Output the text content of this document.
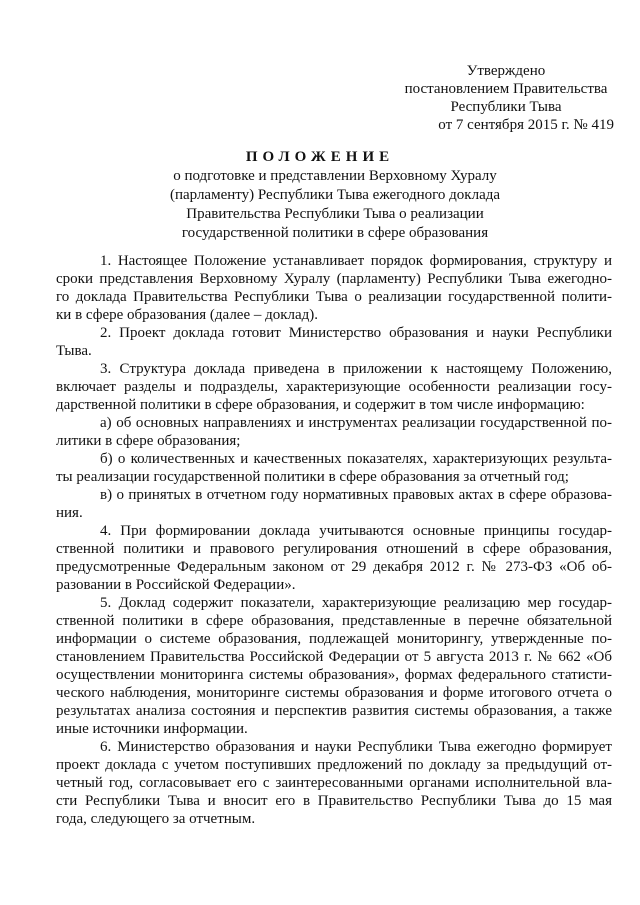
Утверждено
постановлением Правительства
Республики Тыва
от 7 сентября 2015 г. № 419
ПОЛОЖЕНИЕ
о подготовке и представлении Верховному Хуралу
(парламенту) Республики Тыва ежегодного доклада
Правительства Республики Тыва о реализации
государственной политики в сфере образования

1. Настоящее Положение устанавливает порядок формирования, структуру и
сроки представления Верховному Хуралу (парламенту) Республики Тыва ежегодно-
го доклада Правительства Республики Тыва о реализации государственной полити-
ки в сфере образования (далее – доклад).

2. Проект доклада готовит Министерство образования и науки Республики
Тыва.

3. Структура доклада приведена в приложении к настоящему Положению,
включает разделы и подразделы, характеризующие особенности реализации госу-
дарственной политики в сфере образования, и содержит в том числе информацию:

а) об основных направлениях и инструментах реализации государственной по-
литики в сфере образования;

б) о количественных и качественных показателях, характеризующих результа-
ты реализации государственной политики в сфере образования за отчетный год;

в) о принятых в отчетном году нормативных правовых актах в сфере образова-
ния.

4. При формировании доклада учитываются основные принципы государ-
ственной политики и правового регулирования отношений в сфере образования,
предусмотренные Федеральным законом от 29 декабря 2012 г. № 273-ФЗ «Об об-
разовании в Российской Федерации».

5. Доклад содержит показатели, характеризующие реализацию мер государ-
ственной политики в сфере образования, представленные в перечне обязательной
информации о системе образования, подлежащей мониторингу, утвержденные по-
становлением Правительства Российской Федерации от 5 августа 2013 г. № 662 «Об
осуществлении мониторинга системы образования», формах федерального статисти-
ческого наблюдения, мониторинге системы образования и форме итогового отчета о
результатах анализа состояния и перспектив развития системы образования, а также
иные источники информации.

6. Министерство образования и науки Республики Тыва ежегодно формирует
проект доклада с учетом поступивших предложений по докладу за предыдущий от-
четный год, согласовывает его с заинтересованными органами исполнительной вла-
сти Республики Тыва и вносит его в Правительство Республики Тыва до 15 мая
года, следующего за отчетным.
